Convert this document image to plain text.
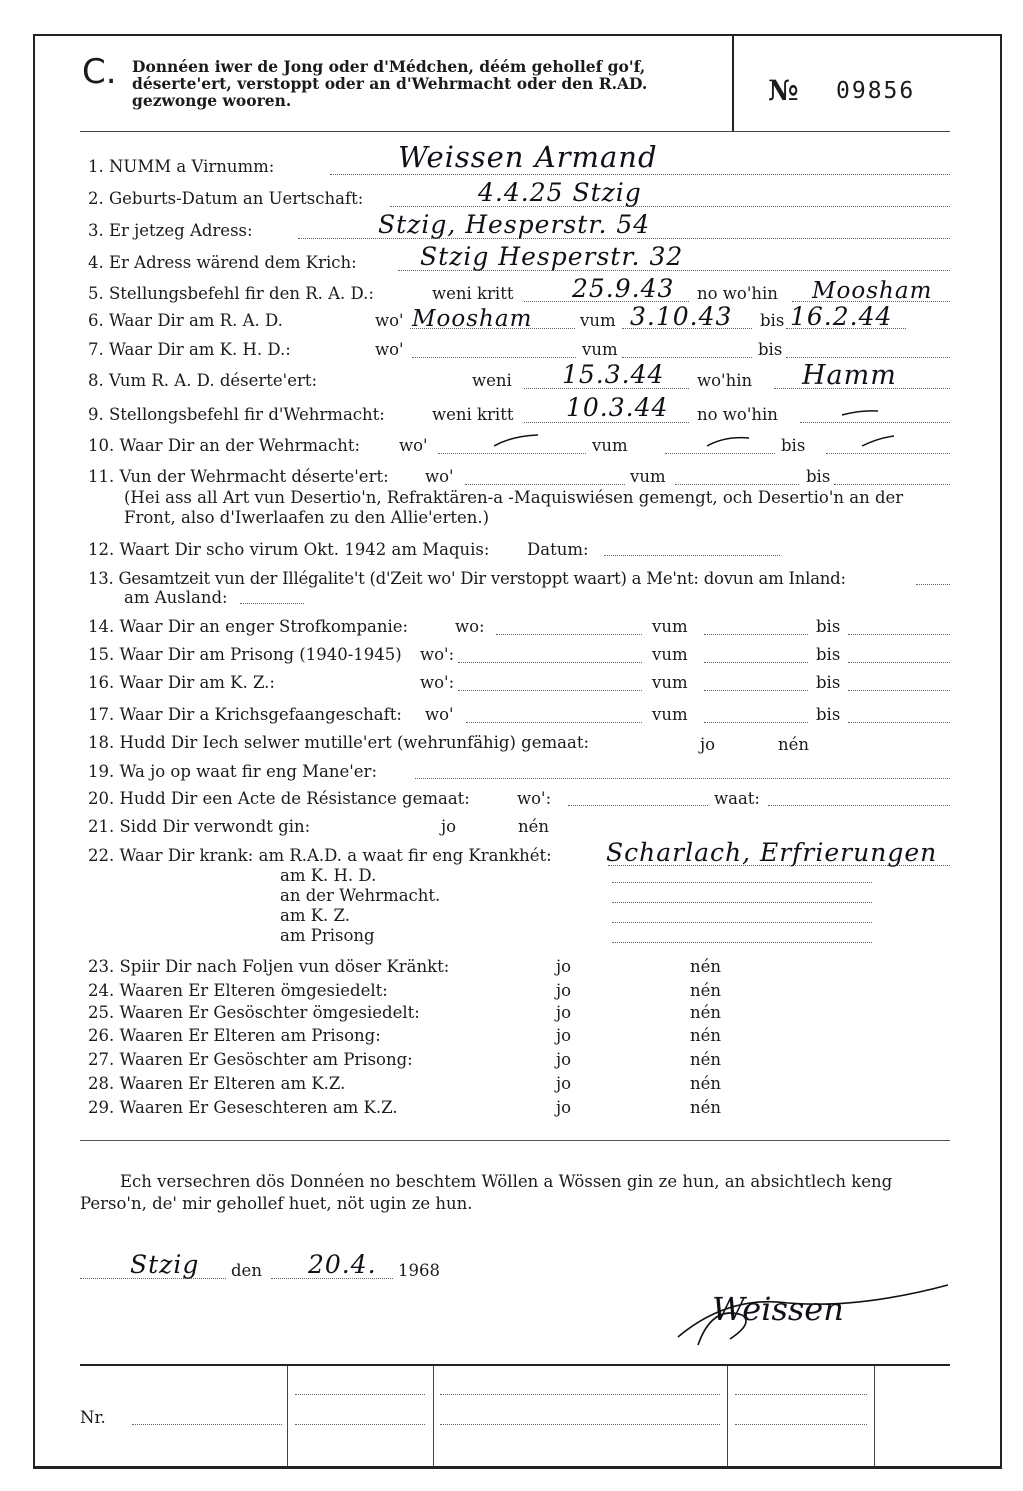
C. Donnéen iwer de Jong oder d'Médchen, déém gehollef go'f, déserte'ert, verstoppt oder an d'Wehrmacht oder den R.AD. gezwonge wooren.	№ 09856
1. NUMM a Virnumm:	Weissen Armand
2. Geburts-Datum an Uertschaft:	4.4.25 Stzig
3. Er jetzeg Adress:	Stzig, Hesperstr. 54
4. Er Adress wärend dem Krich:	Stzig Hesperstr. 32
5. Stellungsbefehl fir den R. A. D.:	weni kritt	no wo'hin
25.9.43	Moosham
6. Waar Dir am R. A. D.	wo'	vum	bis
Moosham	3.10.43 16.2.44
7. Waar Dir am K. H. D.:	wo'	vum	bis
8. Vum R. A. D. déserte'ert:	weni	wo'hin
15.3.44	Hamm
9. Stellongsbefehl fir d'Wehrmacht:	weni kritt	no wo'hin
10.3.44
10. Waar Dir an der Wehrmacht: wo'	vum	bis
11. Vun der Wehrmacht déserte'ert: wo'	vum	bis
(Hei ass all Art vun Desertio'n, Refraktären-a -Maquiswiésen gemengt, och Desertio'n an der
Front, also d'Iwerlaafen zu den Allie'erten.)
12. Waart Dir scho virum Okt. 1942 am Maquis: Datum:
13. Gesamtzeit vun der Illégalite't (d'Zeit wo' Dir verstoppt waart) a Me'nt: dovun am Inland:
am Ausland:
14. Waar Dir an enger Strofkompanie:	wo:	vum	bis
15. Waar Dir am Prisong (1940-1945) wo':	vum	bis
16. Waar Dir am K. Z.:	wo':	vum	bis
17. Waar Dir a Krichsgefaangeschaft: wo'	vum	bis
18. Hudd Dir Iech selwer mutille'ert (wehrunfähig) gemaat:	jo	nén
19. Wa jo op waat fir eng Mane'er:
20. Hudd Dir een Acte de Résistance gemaat:	wo':	waat:
21. Sidd Dir verwondt gin:	jo	nén
22. Waar Dir krank: am R.A.D. a waat fir eng Krankhét: Scharlach, Erfrierungen
am K. H. D.
an der Wehrmacht.
am K. Z.
am Prisong
23. Spiir Dir nach Foljen vun döser Kränkt:	jo	nén
24. Waaren Er Elteren ömgesiedelt:	jo	nén
25. Waaren Er Gesöschter ömgesiedelt:	jo	nén
26. Waaren Er Elteren am Prisong:	jo	nén
27. Waaren Er Gesöschter am Prisong:	jo	nén
28. Waaren Er Elteren am K.Z.	jo	nén
29. Waaren Er Geseschteren am K.Z.	jo	nén
Ech versechren dös Donnéen no beschtem Wöllen a Wössen gin ze hun, an absichtlech keng Perso'n, de' mir gehollef huet, nöt ugin ze hun.
Stzig den 20.4. 1968
Weissen
Nr.
